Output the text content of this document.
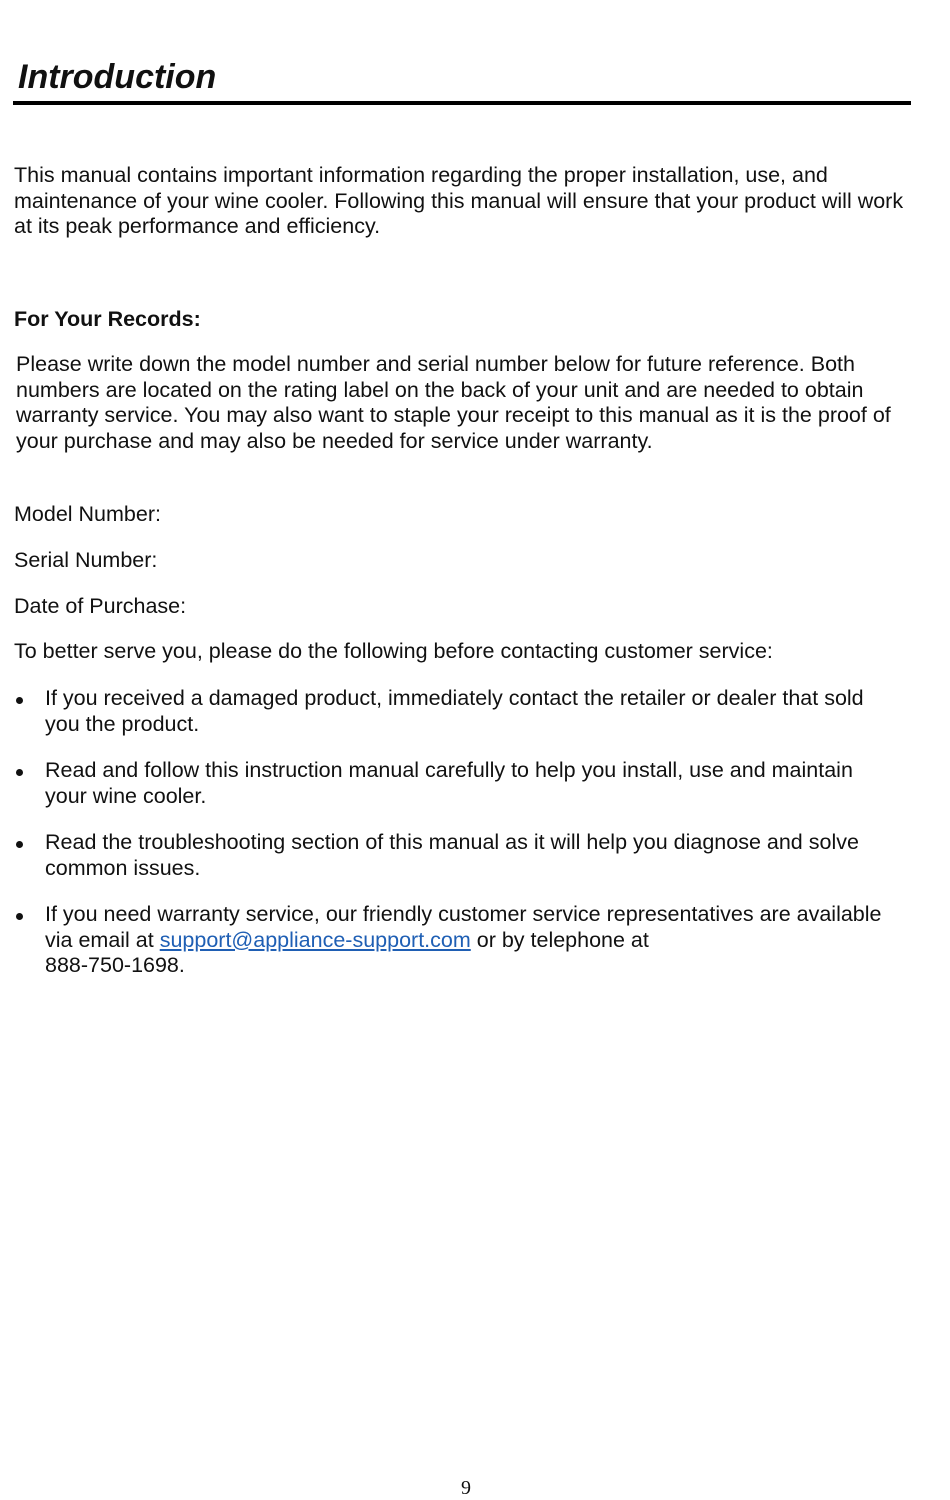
Introduction

This manual contains important information regarding the proper installation, use, and maintenance of your wine cooler. Following this manual will ensure that your product will work at its peak performance and efficiency.

For Your Records:

Please write down the model number and serial number below for future reference. Both numbers are located on the rating label on the back of your unit and are needed to obtain warranty service. You may also want to staple your receipt to this manual as it is the proof of your purchase and may also be needed for service under warranty.

Model Number:

Serial Number:

Date of Purchase:

To better serve you, please do the following before contacting customer service:

If you received a damaged product, immediately contact the retailer or dealer that sold you the product.
Read and follow this instruction manual carefully to help you install, use and maintain your wine cooler.
Read the troubleshooting section of this manual as it will help you diagnose and solve common issues.
If you need warranty service, our friendly customer service representatives are available via email at support@appliance-support.com or by telephone at
888-750-1698.
9
